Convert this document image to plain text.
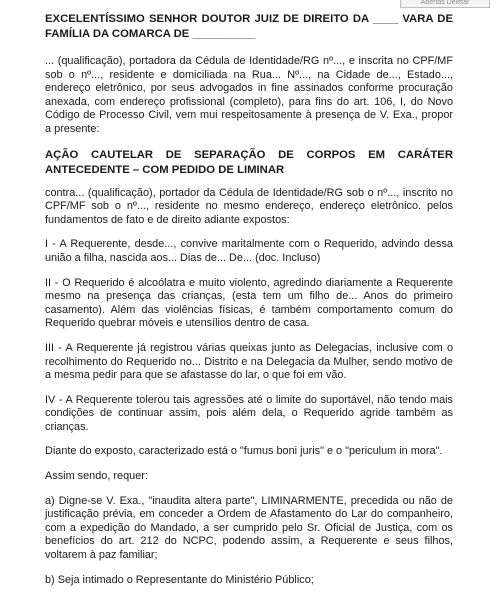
Abertas Deletar
EXCELENTÍSSIMO SENHOR DOUTOR JUIZ DE DIREITO DA ____ VARA DE FAMÍLIA DA COMARCA DE __________
... (qualificação), portadora da Cédula de Identidade/RG nº..., e inscrita no CPF/MF sob o nº..., residente e domiciliada na Rua... Nº..., na Cidade de..., Estado..., endereço eletrônico, por seus advogados in fine assinados conforme procuração anexada, com endereço profissional (completo), para fins do art. 106, I, do Novo Código de Processo Civil, vem mui respeitosamente à presença de V. Exa., propor a presente:
AÇÃO CAUTELAR DE SEPARAÇÃO DE CORPOS EM CARÁTER ANTECEDENTE – COM PEDIDO DE LIMINAR
contra... (qualificação), portador da Cédula de Identidade/RG sob o nº..., inscrito no CPF/MF sob o nº..., residente no mesmo endereço, endereço eletrônico. pelos fundamentos de fato e de direito adiante expostos:
I - A Requerente, desde..., convive maritalmente com o Requerido, advindo dessa união a filha, nascida aos... Dias de... De... (doc. Incluso)
II - O Requerido é alcoólatra e muito violento, agredindo diariamente a Requerente mesmo na presença das crianças, (esta tem um filho de... Anos do primeiro casamento). Além das violências físicas, é também comportamento comum do Requerido quebrar móveis e utensílios dentro de casa.
III - A Requerente já registrou várias queixas junto as Delegacias, inclusive com o recolhimento do Requerido no... Distrito e na Delegacia da Mulher, sendo motivo de a mesma pedir para que se afastasse do lar, o que foi em vão.
IV - A Requerente tolerou tais agressões até o limite do suportável, não tendo mais condições de continuar assim, pois além dela, o Requerido agride também as crianças.
Diante do exposto, caracterizado está o "fumus boni juris" e o "periculum in mora".
Assim sendo, requer:
a) Digne-se V. Exa., "inaudita altera parte", LIMINARMENTE, precedida ou não de justificação prévia, em conceder a Ordem de Afastamento do Lar do companheiro, com a expedição do Mandado, a ser cumprido pelo Sr. Oficial de Justiça, com os benefícios do art. 212 do NCPC, podendo assim, a Requerente e seus filhos, voltarem à paz familiar;
b) Seja intimado o Representante do Ministério Público;
